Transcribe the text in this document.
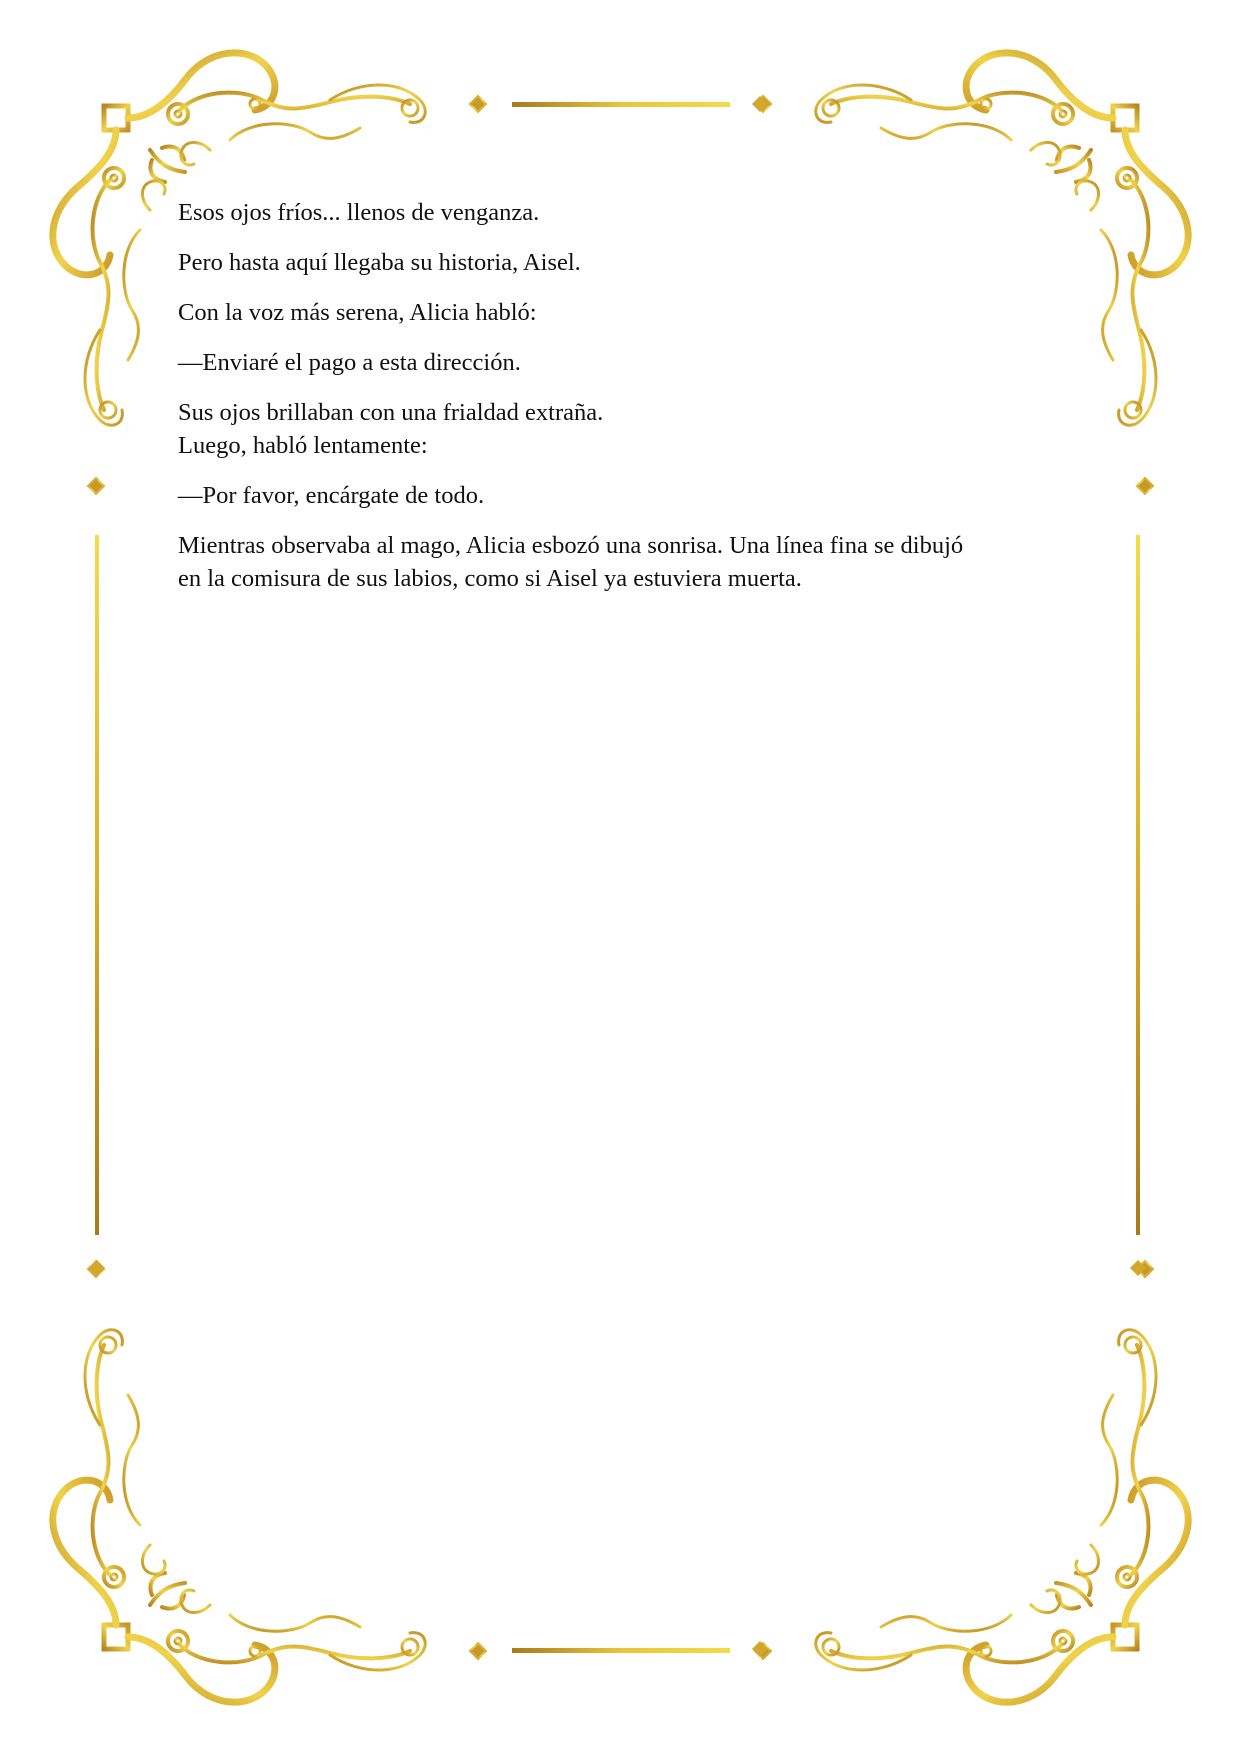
Esos ojos fríos... llenos de venganza.

Pero hasta aquí llegaba su historia, Aisel.

Con la voz más serena, Alicia habló:

—Enviaré el pago a esta dirección.

Sus ojos brillaban con una frialdad extraña.
Luego, habló lentamente:

—Por favor, encárgate de todo.

Mientras observaba al mago, Alicia esbozó una sonrisa. Una línea fina se dibujó
en la comisura de sus labios, como si Aisel ya estuviera muerta.
